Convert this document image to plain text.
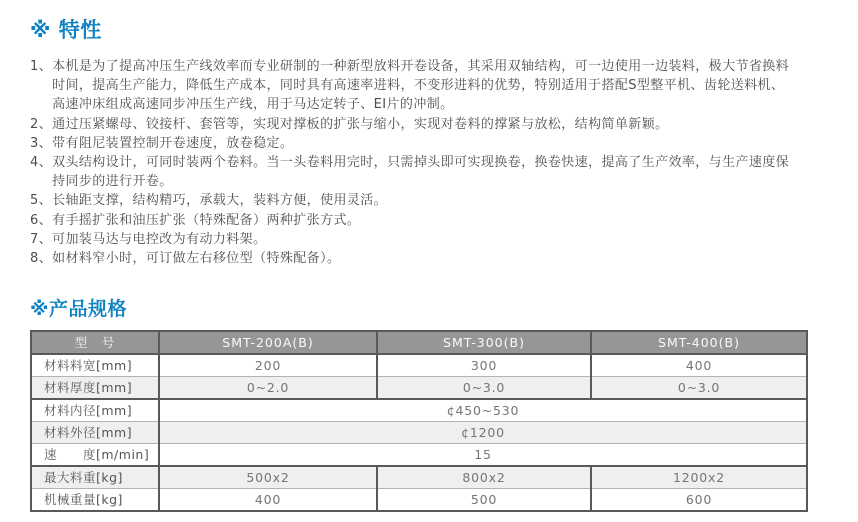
※ 特性
1、 本机是为了提高冲压生产线效率而专业研制的一种新型放料开卷设备，其采用双轴结构，可一边使用一边装料，极大节省换料时间，提高生产能力，降低生产成本，同时具有高速率进料，不变形进料的优势，特别适用于搭配S型整平机、齿轮送料机、高速冲床组成高速同步冲压生产线，用于马达定转子、EI片的冲制。
2、 通过压紧螺母、铰接杆、套管等，实现对撑板的扩张与缩小，实现对卷料的撑紧与放松，结构简单新颖。
3、 带有阻尼装置控制开卷速度，放卷稳定。
4、 双头结构设计，可同时装两个卷料。当一头卷料用完时，只需掉头即可实现换卷，换卷快速，提高了生产效率，与生产速度保持同步的进行开卷。
5、 长轴距支撑，结构精巧，承载大，装料方便，使用灵活。
6、 有手摇扩张和油压扩张（特殊配备）两种扩张方式。
7、 可加装马达与电控改为有动力料架。
8、 如材料窄小时，可订做左右移位型（特殊配备）。
※产品规格
型　号	SMT-200A(B)	SMT-300(B)	SMT-400(B)
材料料宽[mm]	200	300	400
材料厚度[mm]	0~2.0	0~3.0	0~3.0
材料内径[mm]	¢450~530		
材料外径[mm]	¢1200		
速　　度[m/min]	15		
最大料重[kg]	500x2	800x2	1200x2
机械重量[kg]	400	500	600
